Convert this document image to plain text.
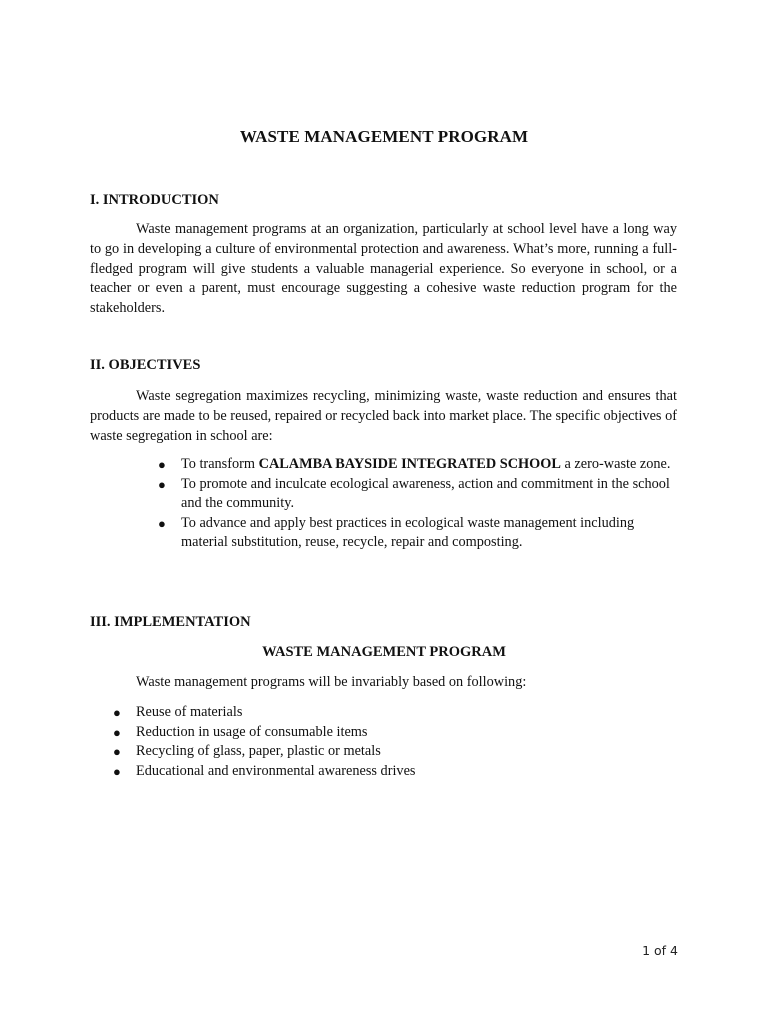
WASTE MANAGEMENT PROGRAM
I. INTRODUCTION

Waste management programs at an organization, particularly at school level have a long way to go in developing a culture of environmental protection and awareness. What’s more, running a full-fledged program will give students a valuable managerial experience. So everyone in school, or a teacher or even a parent, must encourage suggesting a cohesive waste reduction program for the stakeholders.

II. OBJECTIVES

Waste segregation maximizes recycling, minimizing waste, waste reduction and ensures that products are made to be reused, repaired or recycled back into market place. The specific objectives of waste segregation in school are:

● To transform CALAMBA BAYSIDE INTEGRATED SCHOOL a zero-waste zone.
● To promote and inculcate ecological awareness, action and commitment in the school and the community.
● To advance and apply best practices in ecological waste management including material substitution, reuse, recycle, repair and composting.
III. IMPLEMENTATION
WASTE MANAGEMENT PROGRAM
Waste management programs will be invariably based on following:
● Reuse of materials
● Reduction in usage of consumable items
● Recycling of glass, paper, plastic or metals
● Educational and environmental awareness drives
1 of 4
